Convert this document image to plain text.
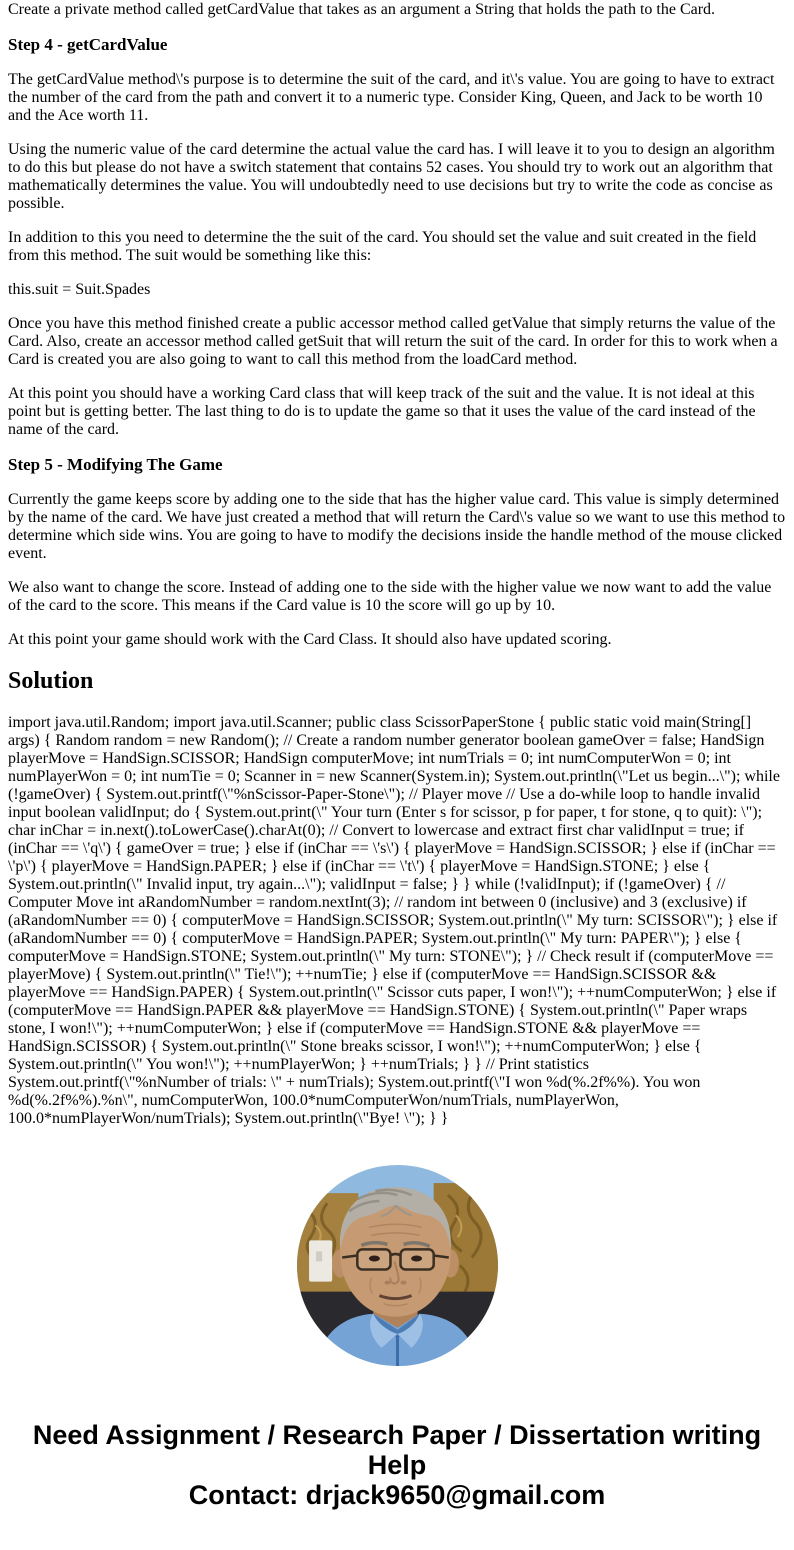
Create a private method called getCardValue that takes as an argument a String that holds the path to the Card.

Step 4 - getCardValue

The getCardValue method\'s purpose is to determine the suit of the card, and it\'s value. You are going to have to extract the number of the card from the path and convert it to a numeric type. Consider King, Queen, and Jack to be worth 10 and the Ace worth 11.

Using the numeric value of the card determine the actual value the card has. I will leave it to you to design an algorithm to do this but please do not have a switch statement that contains 52 cases. You should try to work out an algorithm that mathematically determines the value. You will undoubtedly need to use decisions but try to write the code as concise as possible.

In addition to this you need to determine the the suit of the card. You should set the value and suit created in the field from this method. The suit would be something like this:

this.suit = Suit.Spades

Once you have this method finished create a public accessor method called getValue that simply returns the value of the Card. Also, create an accessor method called getSuit that will return the suit of the card. In order for this to work when a Card is created you are also going to want to call this method from the loadCard method.

At this point you should have a working Card class that will keep track of the suit and the value. It is not ideal at this point but is getting better. The last thing to do is to update the game so that it uses the value of the card instead of the name of the card.

Step 5 - Modifying The Game

Currently the game keeps score by adding one to the side that has the higher value card. This value is simply determined by the name of the card. We have just created a method that will return the Card\'s value so we want to use this method to determine which side wins. You are going to have to modify the decisions inside the handle method of the mouse clicked event.

We also want to change the score. Instead of adding one to the side with the higher value we now want to add the value of the card to the score. This means if the Card value is 10 the score will go up by 10.

At this point your game should work with the Card Class. It should also have updated scoring.

Solution

import java.util.Random; import java.util.Scanner; public class ScissorPaperStone { public static void main(String[] args) { Random random = new Random(); // Create a random number generator boolean gameOver = false; HandSign playerMove = HandSign.SCISSOR; HandSign computerMove; int numTrials = 0; int numComputerWon = 0; int numPlayerWon = 0; int numTie = 0; Scanner in = new Scanner(System.in); System.out.println(\"Let us begin...\"); while (!gameOver) { System.out.printf(\"%nScissor-Paper-Stone\"); // Player move // Use a do-while loop to handle invalid input boolean validInput; do { System.out.print(\" Your turn (Enter s for scissor, p for paper, t for stone, q to quit): \"); char inChar = in.next().toLowerCase().charAt(0); // Convert to lowercase and extract first char validInput = true; if (inChar == \'q\') { gameOver = true; } else if (inChar == \'s\') { playerMove = HandSign.SCISSOR; } else if (inChar == \'p\') { playerMove = HandSign.PAPER; } else if (inChar == \'t\') { playerMove = HandSign.STONE; } else { System.out.println(\" Invalid input, try again...\"); validInput = false; } } while (!validInput); if (!gameOver) { // Computer Move int aRandomNumber = random.nextInt(3); // random int between 0 (inclusive) and 3 (exclusive) if (aRandomNumber == 0) { computerMove = HandSign.SCISSOR; System.out.println(\" My turn: SCISSOR\"); } else if (aRandomNumber == 0) { computerMove = HandSign.PAPER; System.out.println(\" My turn: PAPER\"); } else { computerMove = HandSign.STONE; System.out.println(\" My turn: STONE\"); } // Check result if (computerMove == playerMove) { System.out.println(\" Tie!\"); ++numTie; } else if (computerMove == HandSign.SCISSOR && playerMove == HandSign.PAPER) { System.out.println(\" Scissor cuts paper, I won!\"); ++numComputerWon; } else if (computerMove == HandSign.PAPER && playerMove == HandSign.STONE) { System.out.println(\" Paper wraps stone, I won!\"); ++numComputerWon; } else if (computerMove == HandSign.STONE && playerMove == HandSign.SCISSOR) { System.out.println(\" Stone breaks scissor, I won!\"); ++numComputerWon; } else { System.out.println(\" You won!\"); ++numPlayerWon; } ++numTrials; } } // Print statistics System.out.printf(\"%nNumber of trials: \" + numTrials); System.out.printf(\"I won %d(%.2f%%). You won %d(%.2f%%).%n\", numComputerWon, 100.0*numComputerWon/numTrials, numPlayerWon, 100.0*numPlayerWon/numTrials); System.out.println(\"Bye! \"); } }

Need Assignment / Research Paper / Dissertation writing Help
Contact: drjack9650@gmail.com
